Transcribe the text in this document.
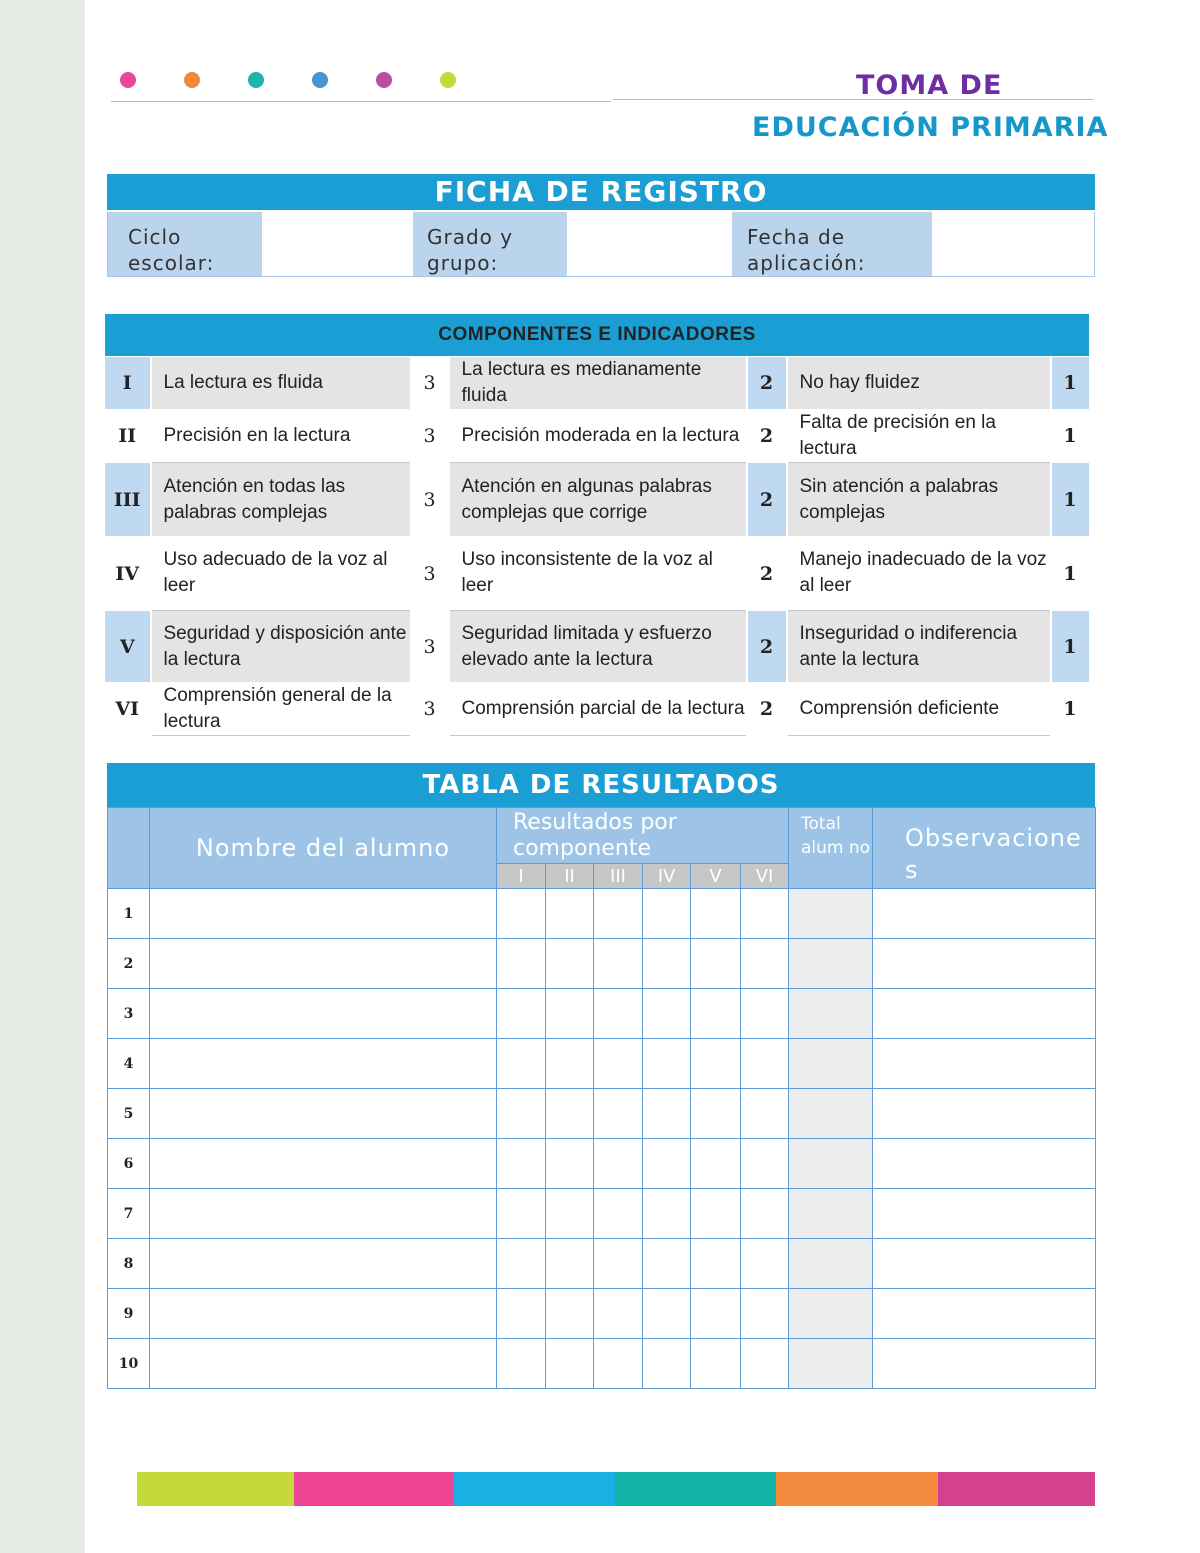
TOMA DE
EDUCACIÓN PRIMARIA
FICHA DE REGISTRO
Ciclo
escolar:
Grado y
grupo:
Fecha de
aplicación:
COMPONENTES E INDICADORES						
I	La lectura es fluida	3	La lectura es medianamente fluida	2	No hay fluidez	1
II	Precisión en la lectura	3	Precisión moderada en la lectura	2	Falta de precisión en la lectura	1
III	Atención en todas las palabras complejas	3	Atención en algunas palabras complejas que corrige	2	Sin atención a palabras complejas	1
IV	Uso adecuado de la voz al leer	3	Uso inconsistente de la voz al leer	2	Manejo inadecuado de la voz al leer	1
V	Seguridad y disposición ante la lectura	3	Seguridad limitada y esfuerzo elevado ante la lectura	2	Inseguridad o indiferencia ante la lectura	1
VI	Comprensión general de la lectura	3	Comprensión parcial de la lectura	2	Comprensión deficiente	1
TABLA DE RESULTADOS
	Nombre del alumno	Resultados por componente						Total alum no	Observacione s
		I	II	III	IV	V	VI		
1									
2									
3									
4									
5									
6									
7									
8									
9									
10									
